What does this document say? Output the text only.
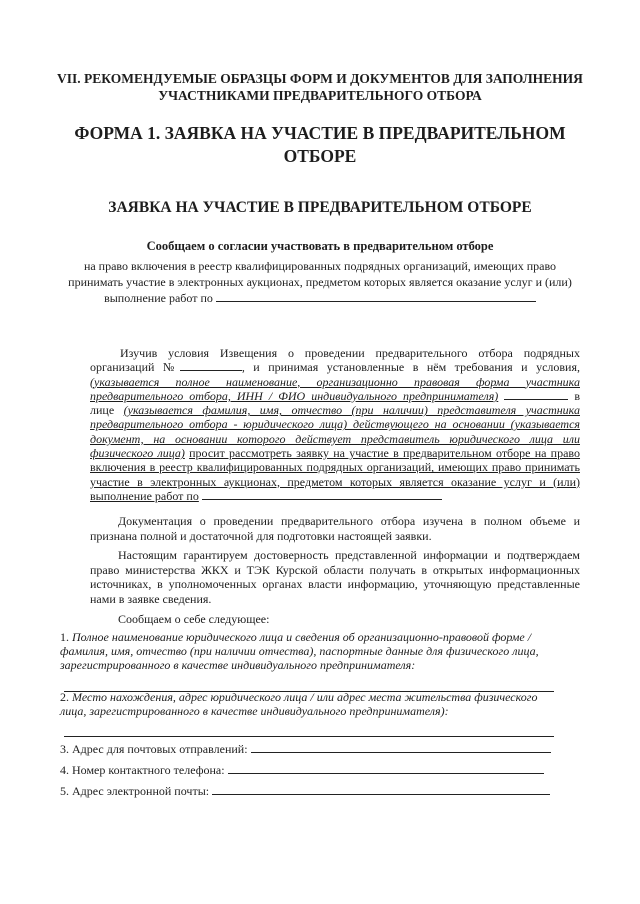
VII. РЕКОМЕНДУЕМЫЕ ОБРАЗЦЫ ФОРМ И ДОКУМЕНТОВ ДЛЯ ЗАПОЛНЕНИЯ УЧАСТНИКАМИ ПРЕДВАРИТЕЛЬНОГО ОТБОРА

ФОРМА 1. ЗАЯВКА НА УЧАСТИЕ В ПРЕДВАРИТЕЛЬНОМ ОТБОРЕ

ЗАЯВКА НА УЧАСТИЕ В ПРЕДВАРИТЕЛЬНОМ ОТБОРЕ

Сообщаем о согласии участвовать в предварительном отборе

на право включения в реестр квалифицированных подрядных организаций, имеющих право принимать участие в электронных аукционах, предметом которых является оказание услуг и (или) выполнение работ по

Изучив условия Извещения о проведении предварительного отбора подрядных организаций №	, и принимая установленные в нём требования и условия, (указывается полное наименование, организационно правовая форма участника предварительного отбора, ИНН / ФИО индивидуального предпринимателя)	в лице (указывается фамилия, имя, отчество (при наличии) представителя участника предварительного отбора - юридического лица) действующего на основании (указывается документ, на основании которого действует представитель юридического лица или физического лица) просит рассмотреть заявку на участие в предварительном отборе на право включения в реестр квалифицированных подрядных организаций, имеющих право принимать участие в электронных аукционах, предметом которых является оказание услуг и (или) выполнение работ по

Документация о проведении предварительного отбора изучена в полном объеме и признана полной и достаточной для подготовки настоящей заявки.

Настоящим гарантируем достоверность представленной информации и подтверждаем право министерства ЖКХ и ТЭК Курской области получать в открытых информационных источниках, в уполномоченных органах власти информацию, уточняющую представленные нами в заявке сведения.

Сообщаем о себе следующее:

1. Полное наименование юридического лица и сведения об организационно-правовой форме / фамилия, имя, отчество (при наличии отчества), паспортные данные для физического лица, зарегистрированного в качестве индивидуального предпринимателя:
2. Место нахождения, адрес юридического лица / или адрес места жительства физического лица, зарегистрированного в качестве индивидуального предпринимателя):
3. Адрес для почтовых отправлений:
4. Номер контактного телефона:
5. Адрес электронной почты:
